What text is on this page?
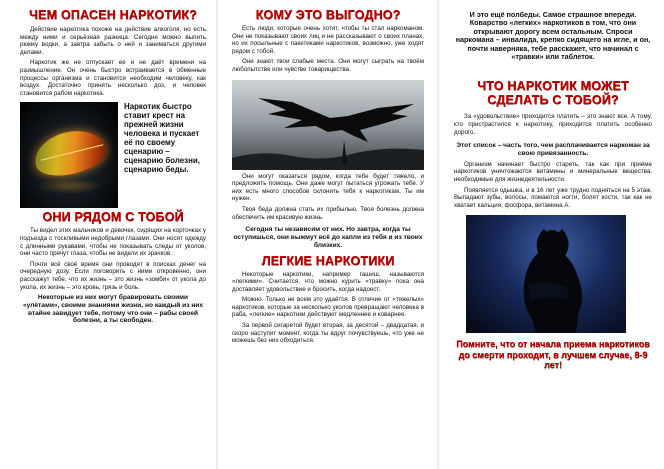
ЧЕМ ОПАСЕН НАРКОТИК?

Действие наркотика похоже на действие алкоголя, но есть между ними и серьёзная разница. Сегодня можно выпить рюмку водки, а завтра забыть о ней и заниматься другими делами.

Наркотик же не отпускает ее и не даёт времени на размышление. Он очень быстро встраивается в обменные процессы организма и становится необходим человеку, как воздух. Достаточно принять несколько доз, и человек становится рабом наркотика.

Наркотик быстро ставит крест на прежней жизни человека и пускает её по своему сценарию – сценарию болезни, сценарию беды.
ОНИ РЯДОМ С ТОБОЙ

Ты видел этих мальчиков и девочек, сидящих на корточках у подъезда с тоскливыми недобрыми глазами. Они носят одежду с длинными рукавами, чтобы не показывать следы от уколов, они часто прячут глаза, чтобы не видели их зрачков.

Почти всё своё время они проводят в поисках денег на очередную дозу. Если поговорить с ними откровенно, они расскажут тебе, что их жизнь – это жизнь «зомби» от укола до укола, их жизнь – это кровь, грязь и боль.

Некоторые из них могут бравировать своими «улётами», своими знаниями жизни, но каждый из них втайне завидует тебе, потому что они – рабы своей болезни, а ты свободен.

КОМУ ЭТО ВЫГОДНО?

Есть люди, которые очень хотят, чтобы ты стал наркоманом. Они не показывают своих лиц и не рассказывают о своих планах, но их посыльные с пакетиками наркотиков, возможно, уже ходят рядом с тобой.

Они знают твои слабые места. Они могут сыграть на твоём любопытстве или чувстве товарищества.

Они могут оказаться рядом, когда тебе будет тяжело, и предложить помощь. Они даже могут пытаться угрожать тебе. У них есть много способов склонить тебя к наркотикам. Ты им нужен.

Твоя беда должна стать их прибылью. Твоя болезнь должна обеспечить им красивую жизнь.

Сегодня ты независим от них. Но завтра, когда ты оступишься, они выжмут всё до капли из тебя и из твоих близких.

ЛЕГКИЕ НАРКОТИКИ

Некоторые наркотики, например гашиш, называются «легкими». Считается, что можно курить «травку» пока она доставляет удовольствие и бросить, когда надоест.

Можно. Только не всем это удаётся. В отличие от «тяжелых» наркотиков, которые за несколько уколов превращают человека в раба, «легкие» наркотики действуют медленнее и коварнее.

За первой сигаретой будет вторая, за десятой – двадцатая, и скоро наступит момент, когда ты вдруг почувствуешь, что уже не можешь без них обходиться.

И это ещё полбеды. Самое страшное впереди. Коварство «легких» наркотиков в том, что они открывают дорогу всем остальным. Спроси наркомана – инвалида, крепко сидящего на игле, и он, почти наверняка, тебе расскажет, что начинал с «травки» или таблеток.

ЧТО НАРКОТИК МОЖЕТ СДЕЛАТЬ С ТОБОЙ?

За «удовольствие» приходится платить – это знают все. А тому, кто пристрастился к наркотику, приходится платить особенно дорого.

Этот список – часть того, чем расплачивается наркоман за свою привязанность.

Организм начинает быстро стареть, так как при приёме наркотиков уничтожаются витамины и минеральные вещества, необходимые для жизнедеятельности.

Появляется одышка, и в 16 лет уже трудно подняться на 5 этаж. Выпадают зубы, волосы, ломаются ногти, болят кости, так как не хватает кальция, фосфора, витамина А.

Помните, что от начала приема наркотиков до смерти проходит, в лучшем случае, 8-9 лет!
